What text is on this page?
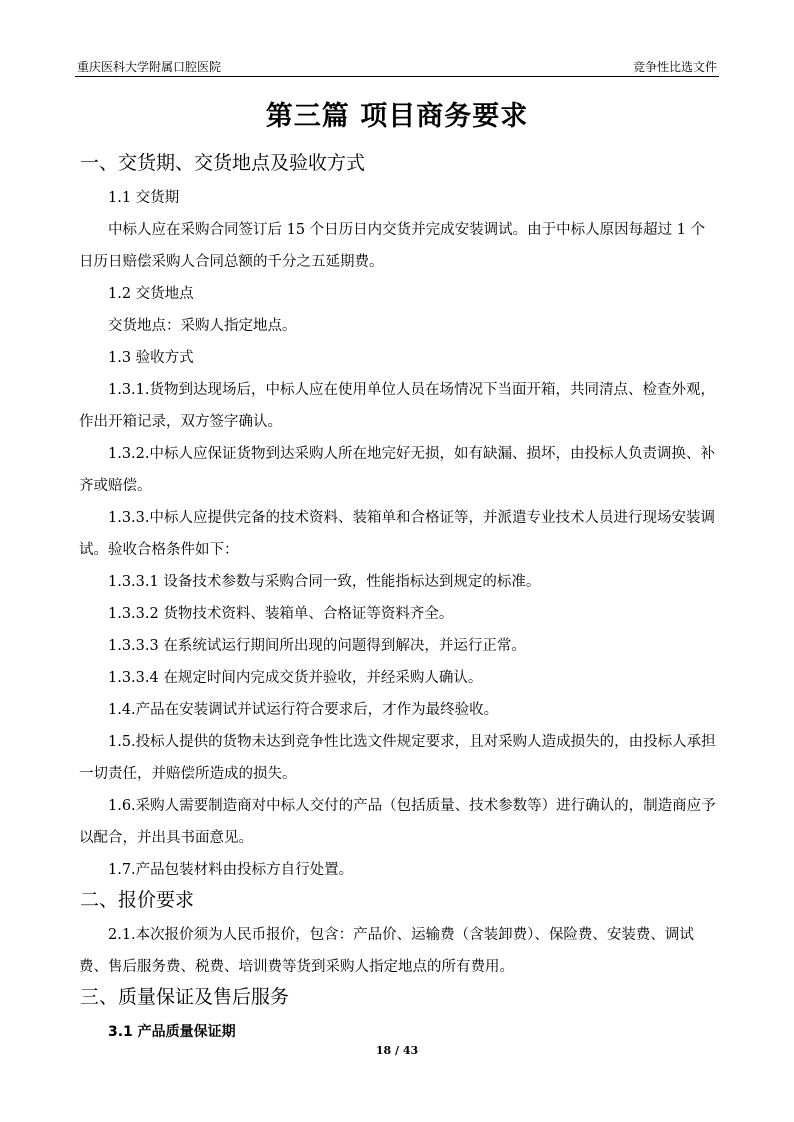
重庆医科大学附属口腔医院	竞争性比选文件
第三篇 项目商务要求
一、交货期、交货地点及验收方式

1.1 交货期

中标人应在采购合同签订后 15 个日历日内交货并完成安装调试。由于中标人原因每超过 1 个日历日赔偿采购人合同总额的千分之五延期费。

1.2 交货地点

交货地点：采购人指定地点。

1.3 验收方式

1.3.1.货物到达现场后，中标人应在使用单位人员在场情况下当面开箱，共同清点、检查外观，作出开箱记录，双方签字确认。

1.3.2.中标人应保证货物到达采购人所在地完好无损，如有缺漏、损坏，由投标人负责调换、补齐或赔偿。

1.3.3.中标人应提供完备的技术资料、装箱单和合格证等，并派遣专业技术人员进行现场安装调试。验收合格条件如下：

1.3.3.1 设备技术参数与采购合同一致，性能指标达到规定的标准。

1.3.3.2 货物技术资料、装箱单、合格证等资料齐全。

1.3.3.3 在系统试运行期间所出现的问题得到解决，并运行正常。

1.3.3.4 在规定时间内完成交货并验收，并经采购人确认。

1.4.产品在安装调试并试运行符合要求后，才作为最终验收。

1.5.投标人提供的货物未达到竞争性比选文件规定要求，且对采购人造成损失的，由投标人承担一切责任，并赔偿所造成的损失。

1.6.采购人需要制造商对中标人交付的产品（包括质量、技术参数等）进行确认的，制造商应予以配合，并出具书面意见。

1.7.产品包装材料由投标方自行处置。

二、报价要求

2.1.本次报价须为人民币报价，包含：产品价、运输费（含装卸费）、保险费、安装费、调试费、售后服务费、税费、培训费等货到采购人指定地点的所有费用。

三、质量保证及售后服务

3.1 产品质量保证期

18 / 43
